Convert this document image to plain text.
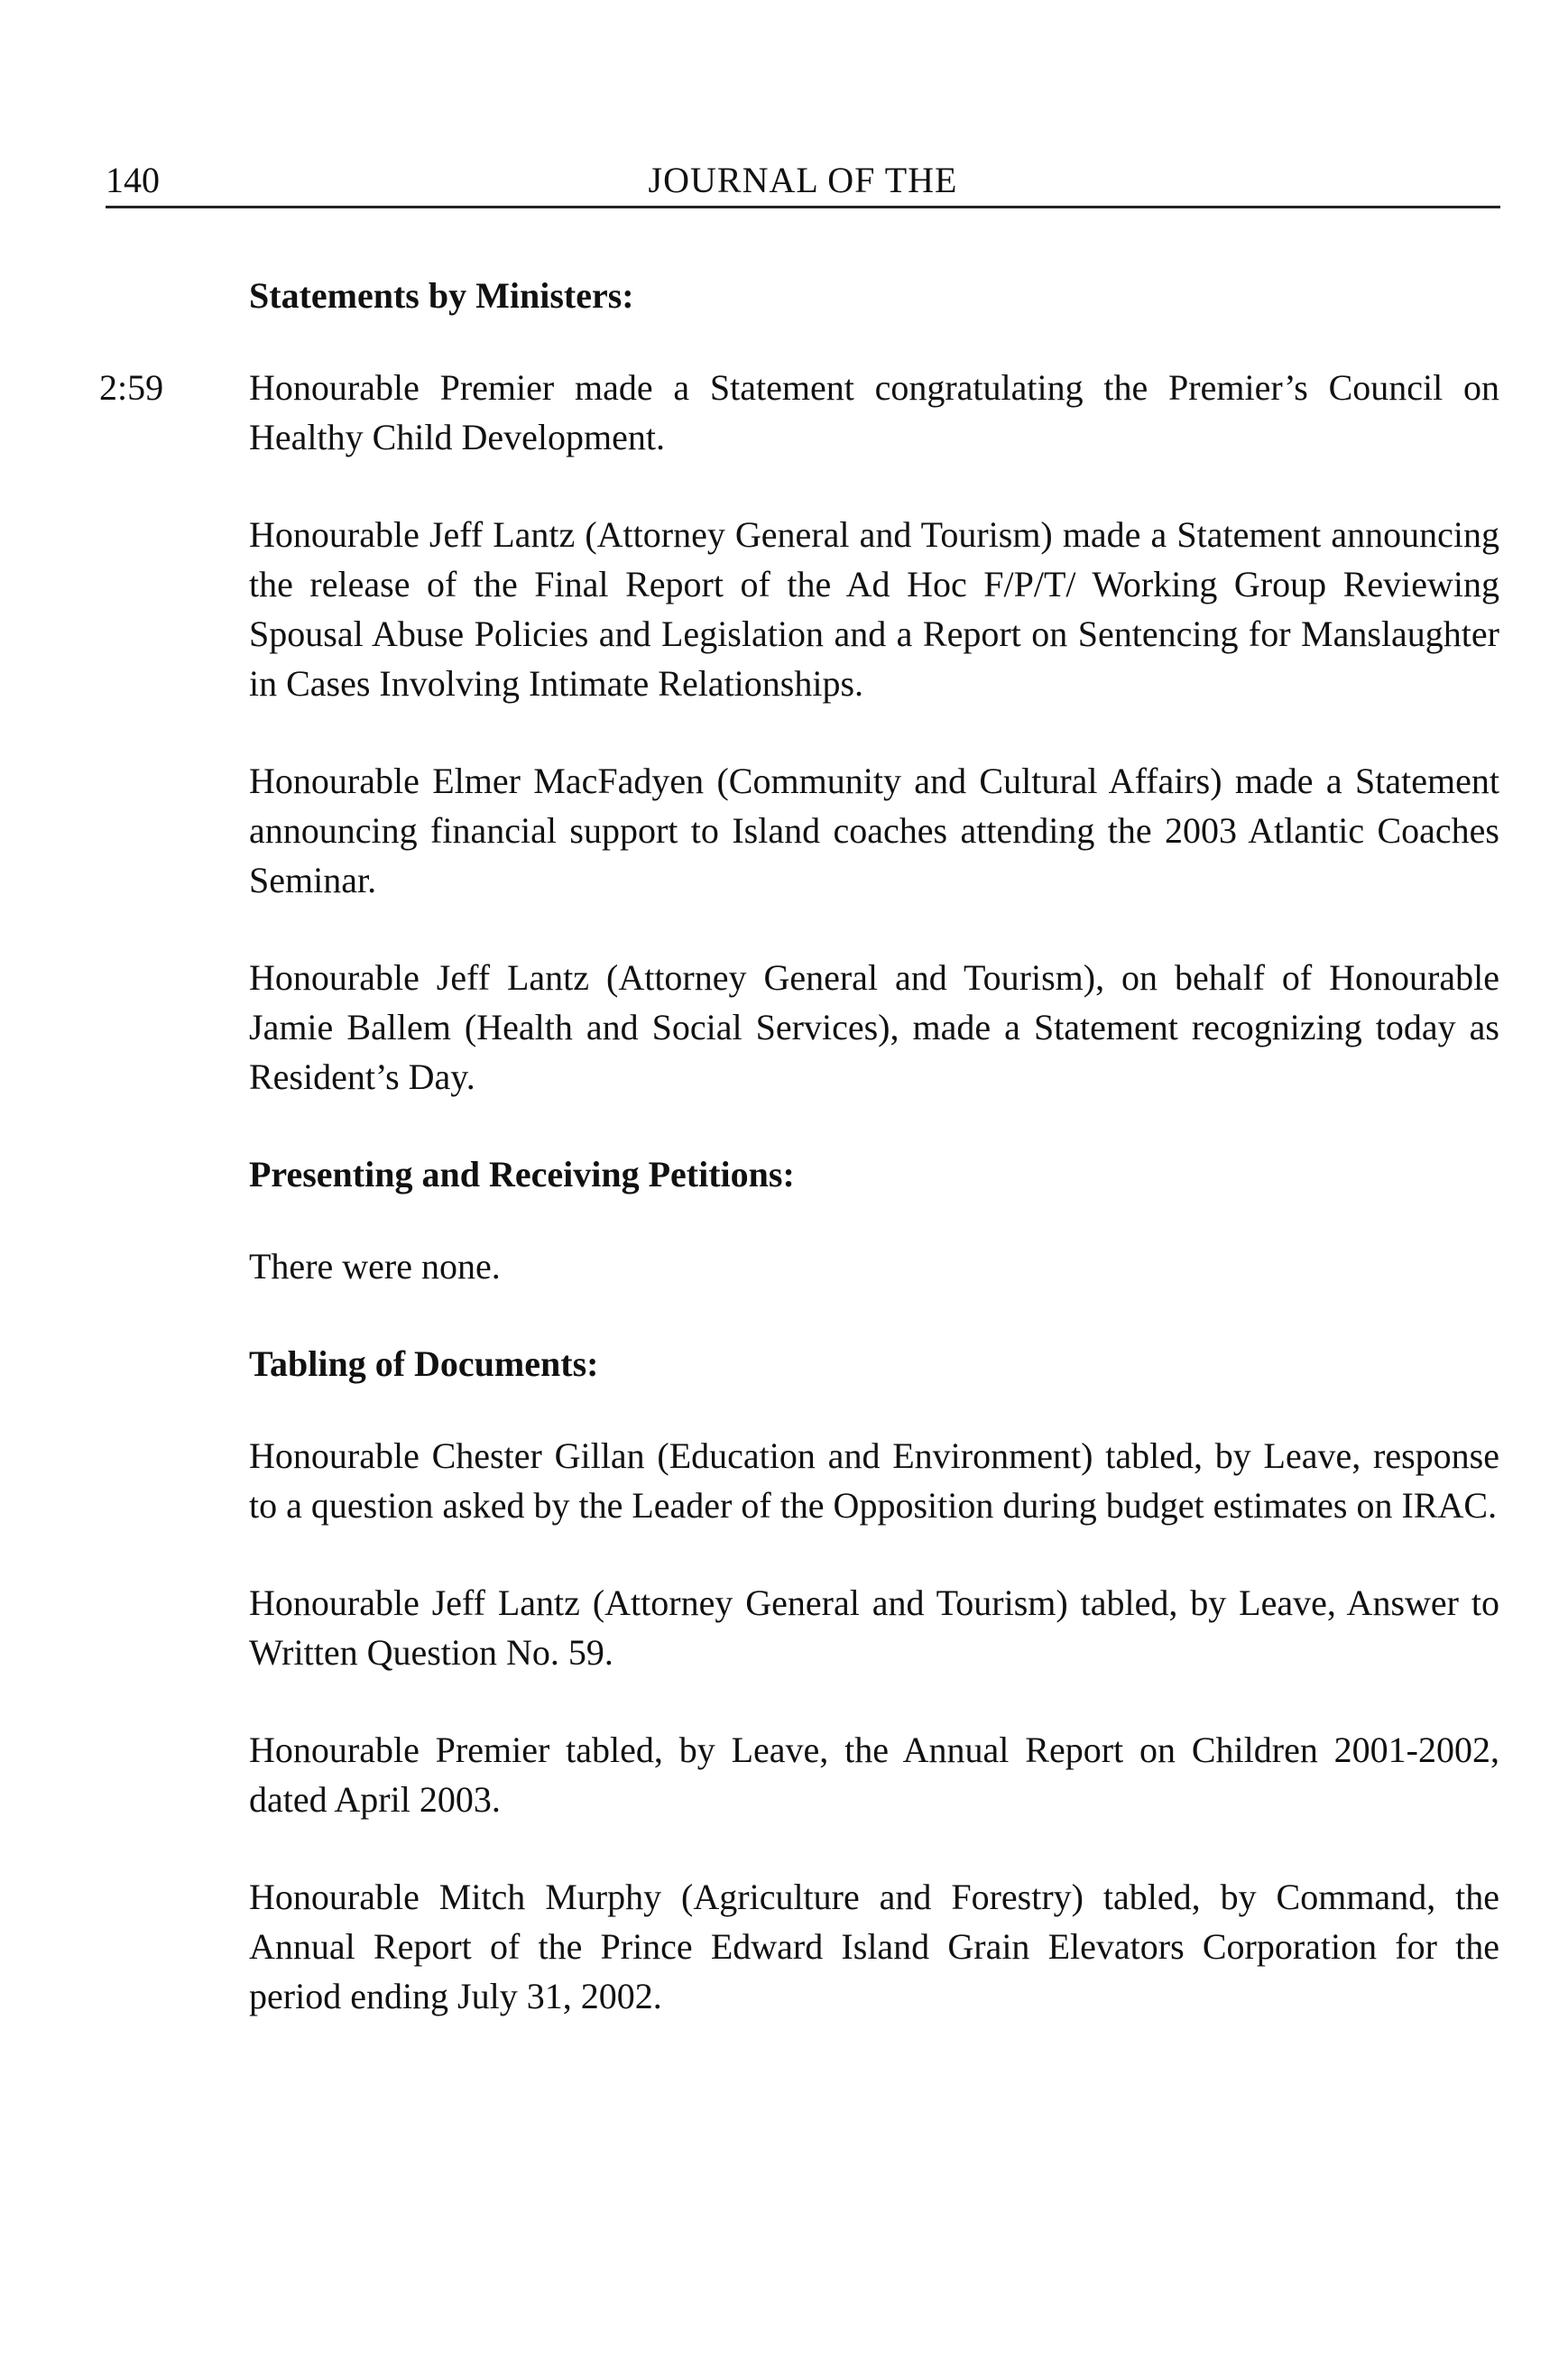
140	JOURNAL OF THE
Statements by Ministers:

2:59 Honourable Premier made a Statement congratulating the Premier’s Council on Healthy Child Development.

Honourable Jeff Lantz (Attorney General and Tourism) made a Statement announcing the release of the Final Report of the Ad Hoc F/P/T/ Working Group Reviewing Spousal Abuse Policies and Legislation and a Report on Sentencing for Manslaughter in Cases Involving Intimate Relationships.

Honourable Elmer MacFadyen (Community and Cultural Affairs) made a Statement announcing financial support to Island coaches attending the 2003 Atlantic Coaches Seminar.

Honourable Jeff Lantz (Attorney General and Tourism), on behalf of Honourable Jamie Ballem (Health and Social Services), made a Statement recognizing today as Resident’s Day.

Presenting and Receiving Petitions:

There were none.

Tabling of Documents:

Honourable Chester Gillan (Education and Environment) tabled, by Leave, response to a question asked by the Leader of the Opposition during budget estimates on IRAC.

Honourable Jeff Lantz (Attorney General and Tourism) tabled, by Leave, Answer to Written Question No. 59.

Honourable Premier tabled, by Leave, the Annual Report on Children 2001-2002, dated April 2003.

Honourable Mitch Murphy (Agriculture and Forestry) tabled, by Command, the Annual Report of the Prince Edward Island Grain Elevators Corporation for the period ending July 31, 2002.
